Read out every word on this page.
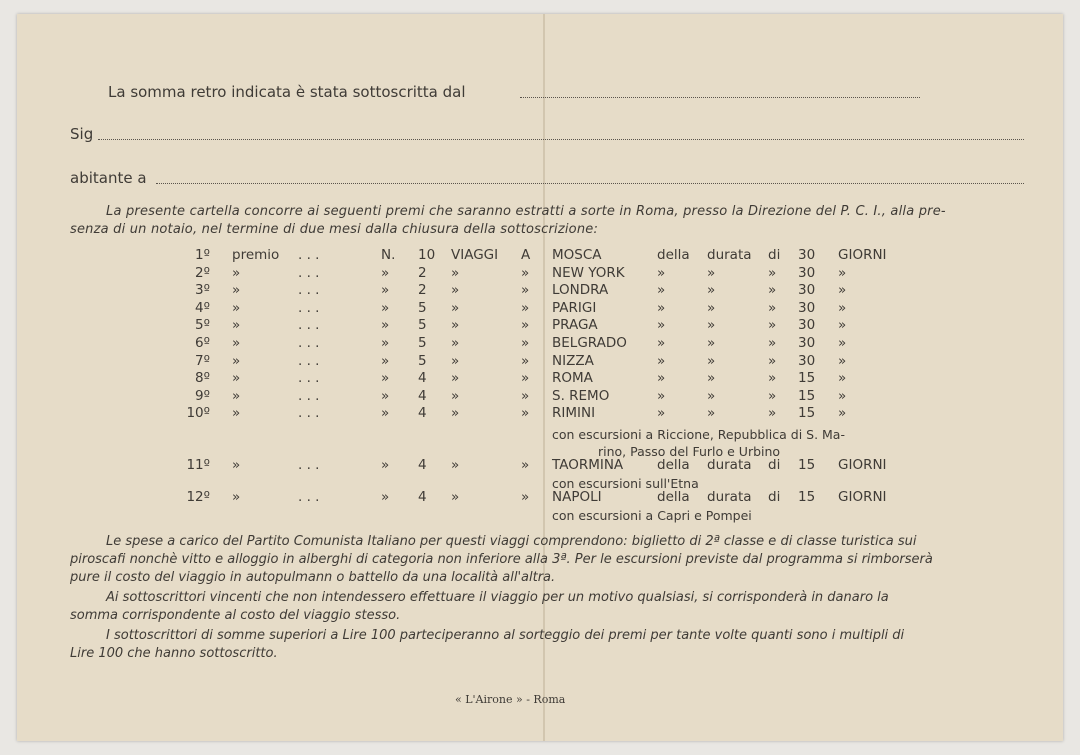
La somma retro indicata è stata sottoscritta dal
Sig
abitante a
La presente cartella concorre ai seguenti premi che saranno estratti a sorte in Roma, presso la Direzione del P. C. I., alla pre-
senza di un notaio, nel termine di due mesi dalla chiusura della sottoscrizione:
1º premio . . .	N. 10 VIAGGI A MOSCA	della durata di 30 GIORNI
2º »	. . .	» 2 »	» NEW YORK »	»	» 30 »
3º »	. . .	» 2 »	» LONDRA	»	»	» 30 »
4º »	. . .	» 5 »	» PARIGI	»	»	» 30 »
5º »	. . .	» 5 »	» PRAGA	»	»	» 30 »
6º »	. . .	» 5 »	» BELGRADO »	»	» 30 »
7º »	. . .	» 5 »	» NIZZA	»	»	» 30 »
8º »	. . .	» 4 »	» ROMA	»	»	» 15 »
9º »	. . .	» 4 »	» S. REMO	»	»	» 15 »
10º »	. . .	» 4 »	» RIMINI	»	»	» 15 »
con escursioni a Riccione, Repubblica di S. Ma-
rino, Passo del Furlo e Urbino
11º »	. . .	» 4 »	» TAORMINA	della durata di 15 GIORNI
con escursioni sull'Etna
12º »	. . .	» 4 »	» NAPOLI	della durata di 15 GIORNI
con escursioni a Capri e Pompei
Le spese a carico del Partito Comunista Italiano per questi viaggi comprendono: biglietto di 2ª classe e di classe turistica sui
piroscafi nonchè vitto e alloggio in alberghi di categoria non inferiore alla 3ª. Per le escursioni previste dal programma si rimborserà
pure il costo del viaggio in autopulmann o battello da una località all'altra.
Ai sottoscrittori vincenti che non intendessero effettuare il viaggio per un motivo qualsiasi, si corrisponderà in danaro la
somma corrispondente al costo del viaggio stesso.
I sottoscrittori di somme superiori a Lire 100 parteciperanno al sorteggio dei premi per tante volte quanti sono i multipli di
Lire 100 che hanno sottoscritto.
« L'Airone » - Roma
